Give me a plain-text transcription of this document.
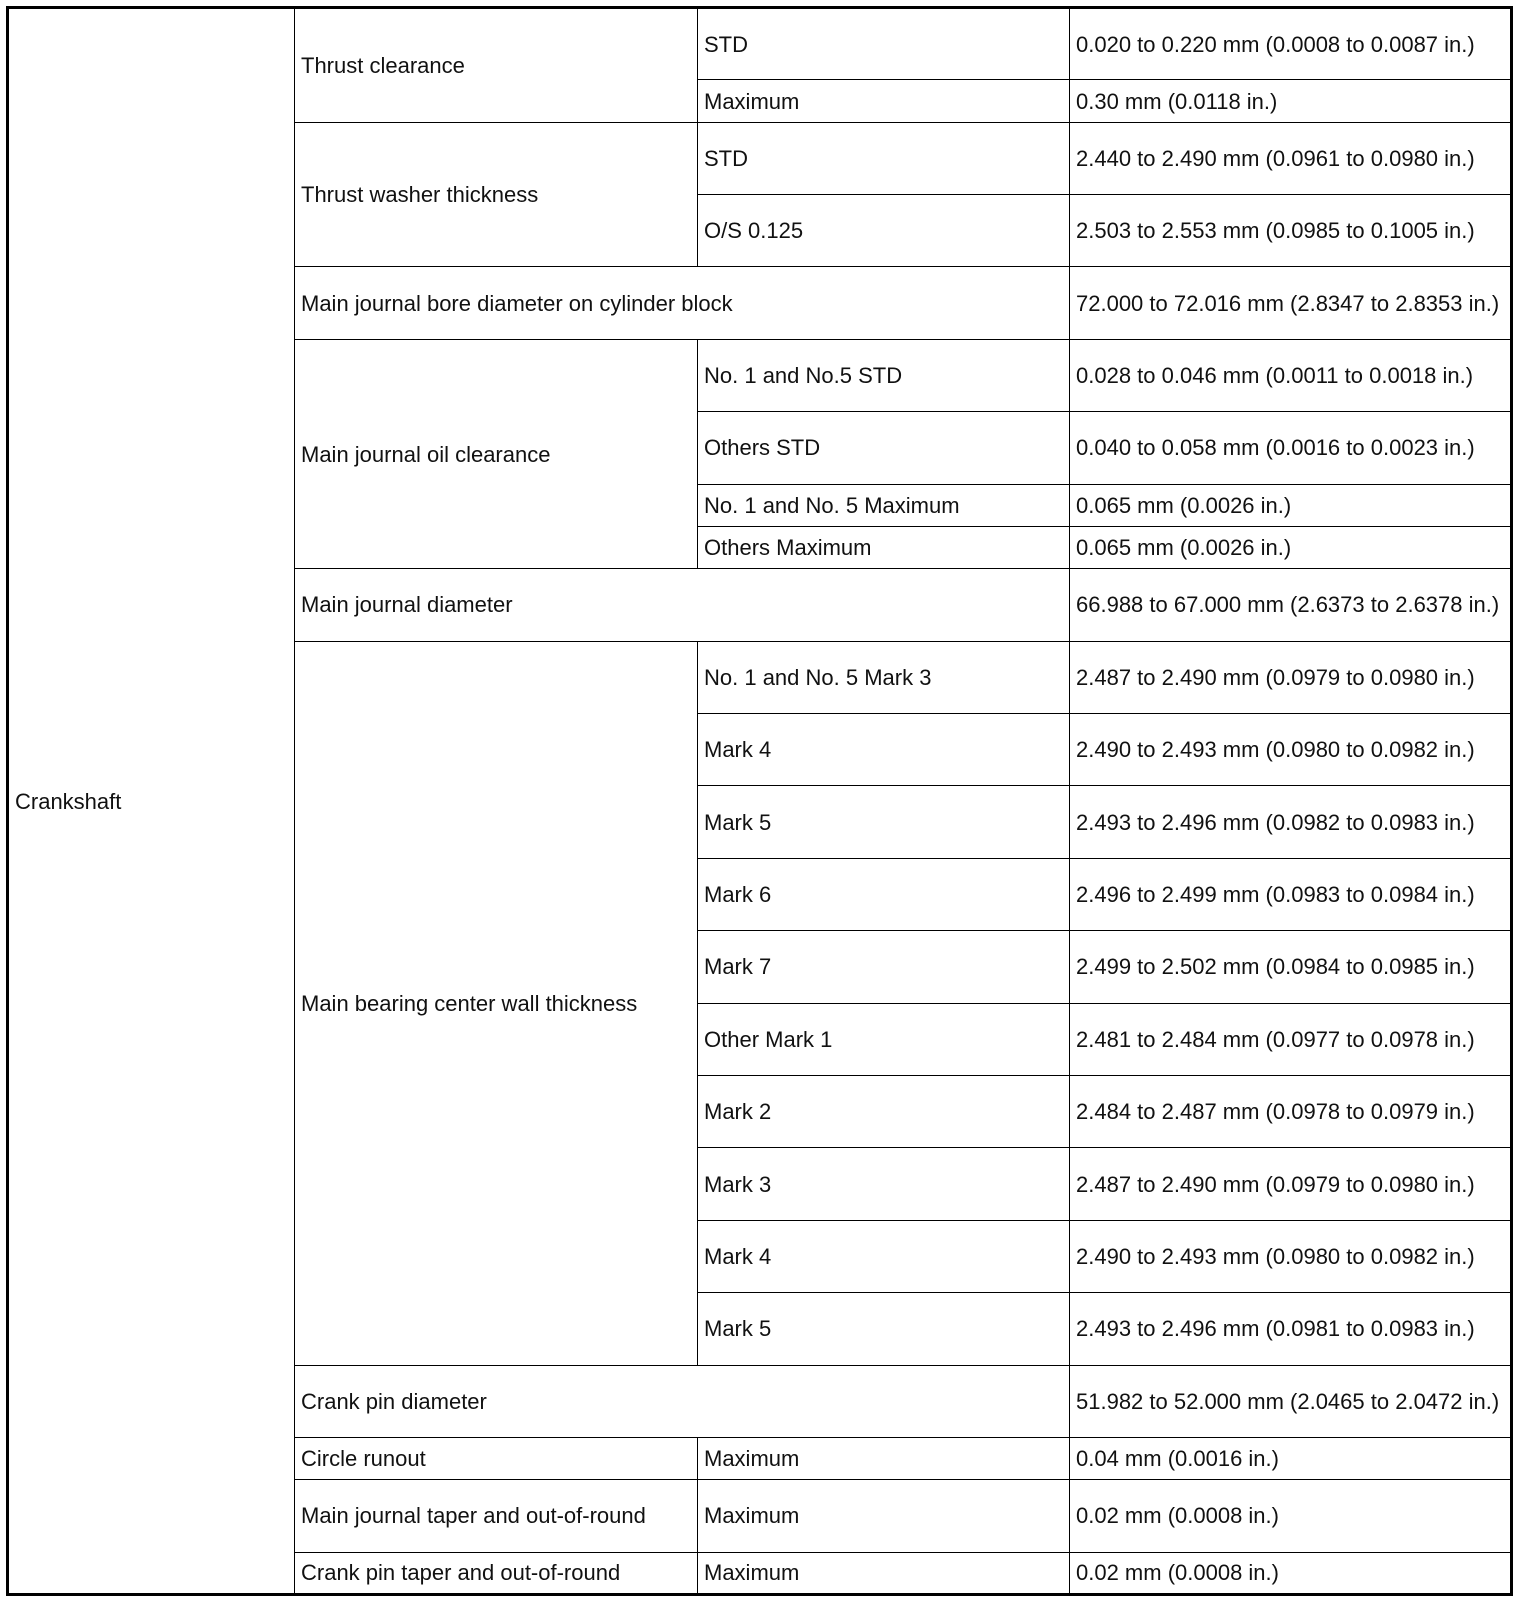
Crankshaft	Thrust clearance	STD	0.020 to 0.220 mm (0.0008 to 0.0087 in.)
		Maximum	0.30 mm (0.0118 in.)
	Thrust washer thickness	STD	2.440 to 2.490 mm (0.0961 to 0.0980 in.)
		O/S 0.125	2.503 to 2.553 mm (0.0985 to 0.1005 in.)
	Main journal bore diameter on cylinder block		72.000 to 72.016 mm (2.8347 to 2.8353 in.)
	Main journal oil clearance	No. 1 and No.5 STD	0.028 to 0.046 mm (0.0011 to 0.0018 in.)
		Others STD	0.040 to 0.058 mm (0.0016 to 0.0023 in.)
		No. 1 and No. 5 Maximum	0.065 mm (0.0026 in.)
		Others Maximum	0.065 mm (0.0026 in.)
	Main journal diameter		66.988 to 67.000 mm (2.6373 to 2.6378 in.)
	Main bearing center wall thickness	No. 1 and No. 5 Mark 3	2.487 to 2.490 mm (0.0979 to 0.0980 in.)
		Mark 4	2.490 to 2.493 mm (0.0980 to 0.0982 in.)
		Mark 5	2.493 to 2.496 mm (0.0982 to 0.0983 in.)
		Mark 6	2.496 to 2.499 mm (0.0983 to 0.0984 in.)
		Mark 7	2.499 to 2.502 mm (0.0984 to 0.0985 in.)
		Other Mark 1	2.481 to 2.484 mm (0.0977 to 0.0978 in.)
		Mark 2	2.484 to 2.487 mm (0.0978 to 0.0979 in.)
		Mark 3	2.487 to 2.490 mm (0.0979 to 0.0980 in.)
		Mark 4	2.490 to 2.493 mm (0.0980 to 0.0982 in.)
		Mark 5	2.493 to 2.496 mm (0.0981 to 0.0983 in.)
	Crank pin diameter		51.982 to 52.000 mm (2.0465 to 2.0472 in.)
	Circle runout	Maximum	0.04 mm (0.0016 in.)
	Main journal taper and out-of-round	Maximum	0.02 mm (0.0008 in.)
	Crank pin taper and out-of-round	Maximum	0.02 mm (0.0008 in.)
